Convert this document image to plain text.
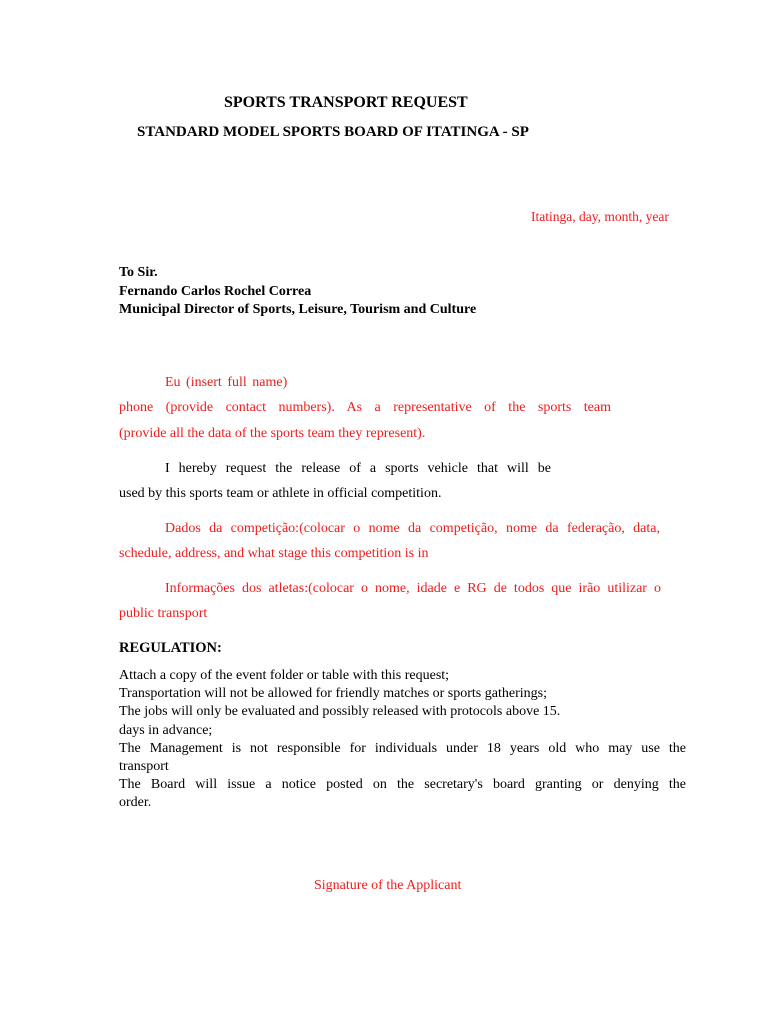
SPORTS TRANSPORT REQUEST
STANDARD MODEL SPORTS BOARD OF ITATINGA - SP
Itatinga, day, month, year
To Sir.
Fernando Carlos Rochel Correa
Municipal Director of Sports, Leisure, Tourism and Culture
Eu (insert full name)
phone (provide contact numbers). As a representative of the sports team
(provide all the data of the sports team they represent).
I hereby request the release of a sports vehicle that will be
used by this sports team or athlete in official competition.
Dados da competição:(colocar o nome da competição, nome da federação, data,
schedule, address, and what stage this competition is in
Informações dos atletas:(colocar o nome, idade e RG de todos que irão utilizar o
public transport
REGULATION:
Attach a copy of the event folder or table with this request;
Transportation will not be allowed for friendly matches or sports gatherings;
The jobs will only be evaluated and possibly released with protocols above 15.
days in advance;
The Management is not responsible for individuals under 18 years old who may use the
transport
The Board will issue a notice posted on the secretary's board granting or denying the
order.
Signature of the Applicant
